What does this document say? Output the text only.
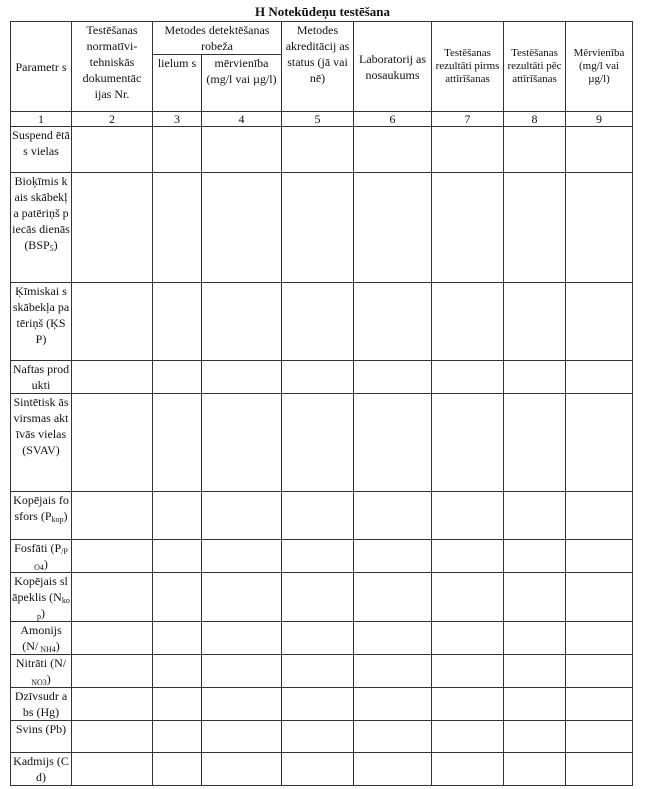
H Notekūdeņu testēšana
Parametr s	Testēšanas normatīvi-tehniskās dokumentāc ijas Nr.	Metodes detektēšanas robeža		Metodes akreditācij as status (jā vai nē)	Laboratorij as nosaukums	Testēšanas rezultāti pirms attīrīšanas	Testēšanas rezultāti pēc attīrīšanas	Mērvienība (mg/l vai µg/l)
		lielum s	mērvienība (mg/l vai µg/l)					
1	2	3	4	5	6	7	8	9
Suspend ētās vielas								
Bioķīmis kais skābekļa patēriņš piecās dienās $(BSP_5)$								
Ķīmiskai s skābekļa patēriņš (ĶSP)								
Naftas produkti								
Sintētisk ās virsmas aktīvās vielas (SVAV)								
Kopējais fosfors $(P_{kop})$								
Fosfāti $(P_{/PO4})$								
Kopējais slāpeklis $(N_{kop})$								
Amonijs (N/ $_{NH4}$)								
Nitrāti (N/ $_{NO3}$)								
Dzīvsudr abs (Hg)								
Svins (Pb)								
Kadmijs (Cd)								
